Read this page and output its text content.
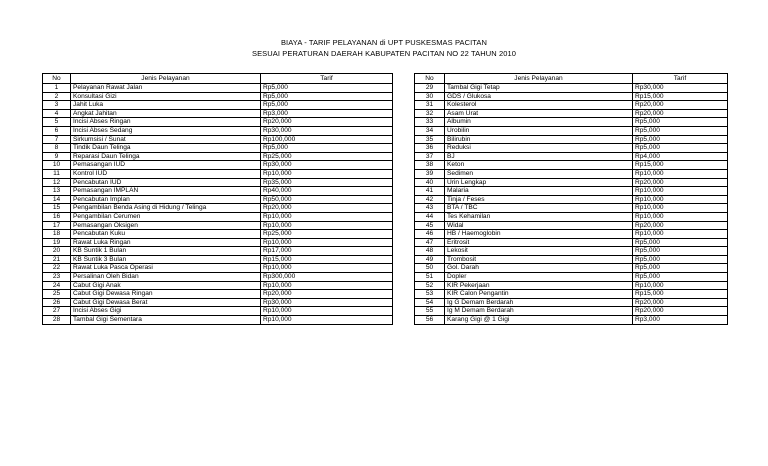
BIAYA - TARIF PELAYANAN di UPT PUSKESMAS PACITAN
SESUAI PERATURAN DAERAH KABUPATEN PACITAN NO 22 TAHUN 2010
No	Jenis Pelayanan	Tarif
1	Pelayanan Rawat Jalan	Rp5,000
2	Konsultasi Gizi	Rp5,000
3	Jahit Luka	Rp5,000
4	Angkat Jahitan	Rp3,000
5	Incisi Abses Ringan	Rp20,000
6	Incisi Abses Sedang	Rp30,000
7	Sirkumsisi / Sunat	Rp100,000
8	Tindik Daun Telinga	Rp5,000
9	Reparasi Daun Telinga	Rp25,000
10	Pemasangan IUD	Rp30,000
11	Kontrol IUD	Rp10,000
12	Pencabutan IUD	Rp35,000
13	Pemasangan IMPLAN	Rp40,000
14	Pencabutan Implan	Rp50,000
15	Pengambilan Benda Asing di Hidung / Telinga	Rp20,000
16	Pengambilan Cerumen	Rp10,000
17	Pemasangan Oksigen	Rp10,000
18	Pencabutan Kuku	Rp25,000
19	Rawat Luka Ringan	Rp10,000
20	KB Suntik 1 Bulan	Rp17,000
21	KB Suntik 3 Bulan	Rp15,000
22	Rawat Luka Pasca Operasi	Rp10,000
23	Persalinan Oleh Bidan	Rp300,000
24	Cabut Gigi Anak	Rp10,000
25	Cabut Gigi Dewasa Ringan	Rp20,000
26	Cabut Gigi Dewasa Berat	Rp30,000
27	Incisi Abses Gigi	Rp10,000
28	Tambal Gigi Sementara	Rp10,000
No	Jenis Pelayanan	Tarif
29	Tambal Gigi Tetap	Rp30,000
30	GDS / Glukosa	Rp15,000
31	Kolesterol	Rp20,000
32	Asam Urat	Rp20,000
33	Albumin	Rp5,000
34	Urobilin	Rp5,000
35	Bilirubin	Rp5,000
36	Reduksi	Rp5,000
37	BJ	Rp4,000
38	Keton	Rp15,000
39	Sedimen	Rp10,000
40	Urin Lengkap	Rp20,000
41	Malaria	Rp10,000
42	Tinja / Feses	Rp10,000
43	BTA / TBC	Rp10,000
44	Tes Kehamilan	Rp10,000
45	Widal	Rp20,000
46	HB / Haemoglobin	Rp10,000
47	Eritrosit	Rp5,000
48	Lekosit	Rp5,000
49	Trombosit	Rp5,000
50	Gol. Darah	Rp5,000
51	Dopler	Rp5,000
52	KIR Pekerjaan	Rp10,000
53	KIR Calon Pengantin	Rp15,000
54	Ig G Demam Berdarah	Rp20,000
55	Ig M Demam Berdarah	Rp20,000
56	Karang Gigi @ 1 Gigi	Rp3,000
